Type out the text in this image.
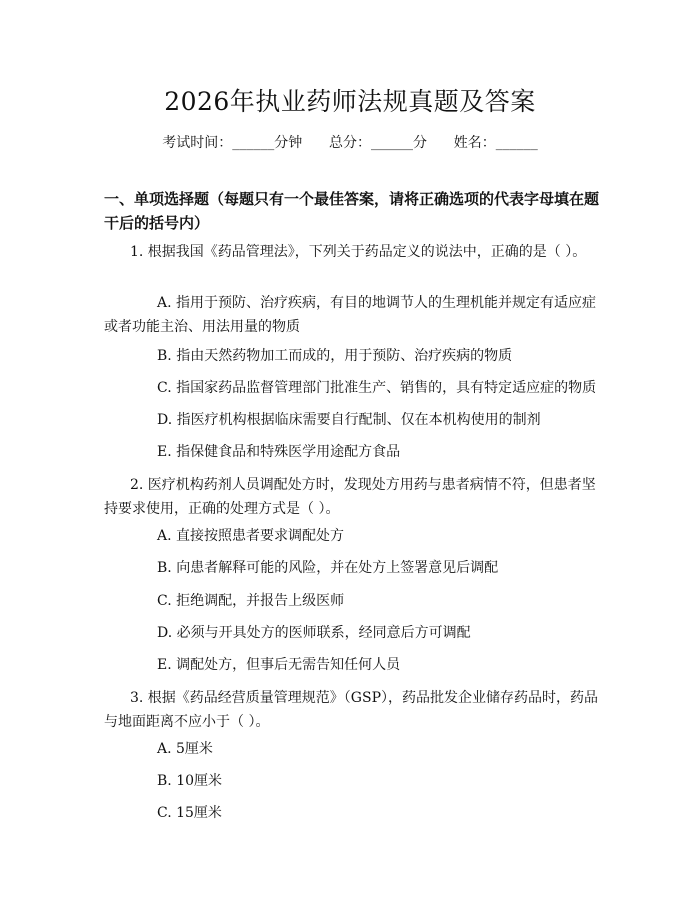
2026年执业药师法规真题及答案
考试时间：______分钟      总分：______分      姓名：______
一、单项选择题（每题只有一个最佳答案，请将正确选项的代表字母填在题干后的括号内）

1. 根据我国《药品管理法》，下列关于药品定义的说法中，正确的是（ ）。

A. 指用于预防、治疗疾病，有目的地调节人的生理机能并规定有适应症或者功能主治、用法用量的物质

B. 指由天然药物加工而成的，用于预防、治疗疾病的物质

C. 指国家药品监督管理部门批准生产、销售的，具有特定适应症的物质

D. 指医疗机构根据临床需要自行配制、仅在本机构使用的制剂

E. 指保健食品和特殊医学用途配方食品

2. 医疗机构药剂人员调配处方时，发现处方用药与患者病情不符，但患者坚持要求使用，正确的处理方式是（ ）。

A. 直接按照患者要求调配处方

B. 向患者解释可能的风险，并在处方上签署意见后调配

C. 拒绝调配，并报告上级医师

D. 必须与开具处方的医师联系，经同意后方可调配

E. 调配处方，但事后无需告知任何人员

3. 根据《药品经营质量管理规范》（GSP），药品批发企业储存药品时，药品与地面距离不应小于（ ）。

A. 5厘米

B. 10厘米

C. 15厘米
